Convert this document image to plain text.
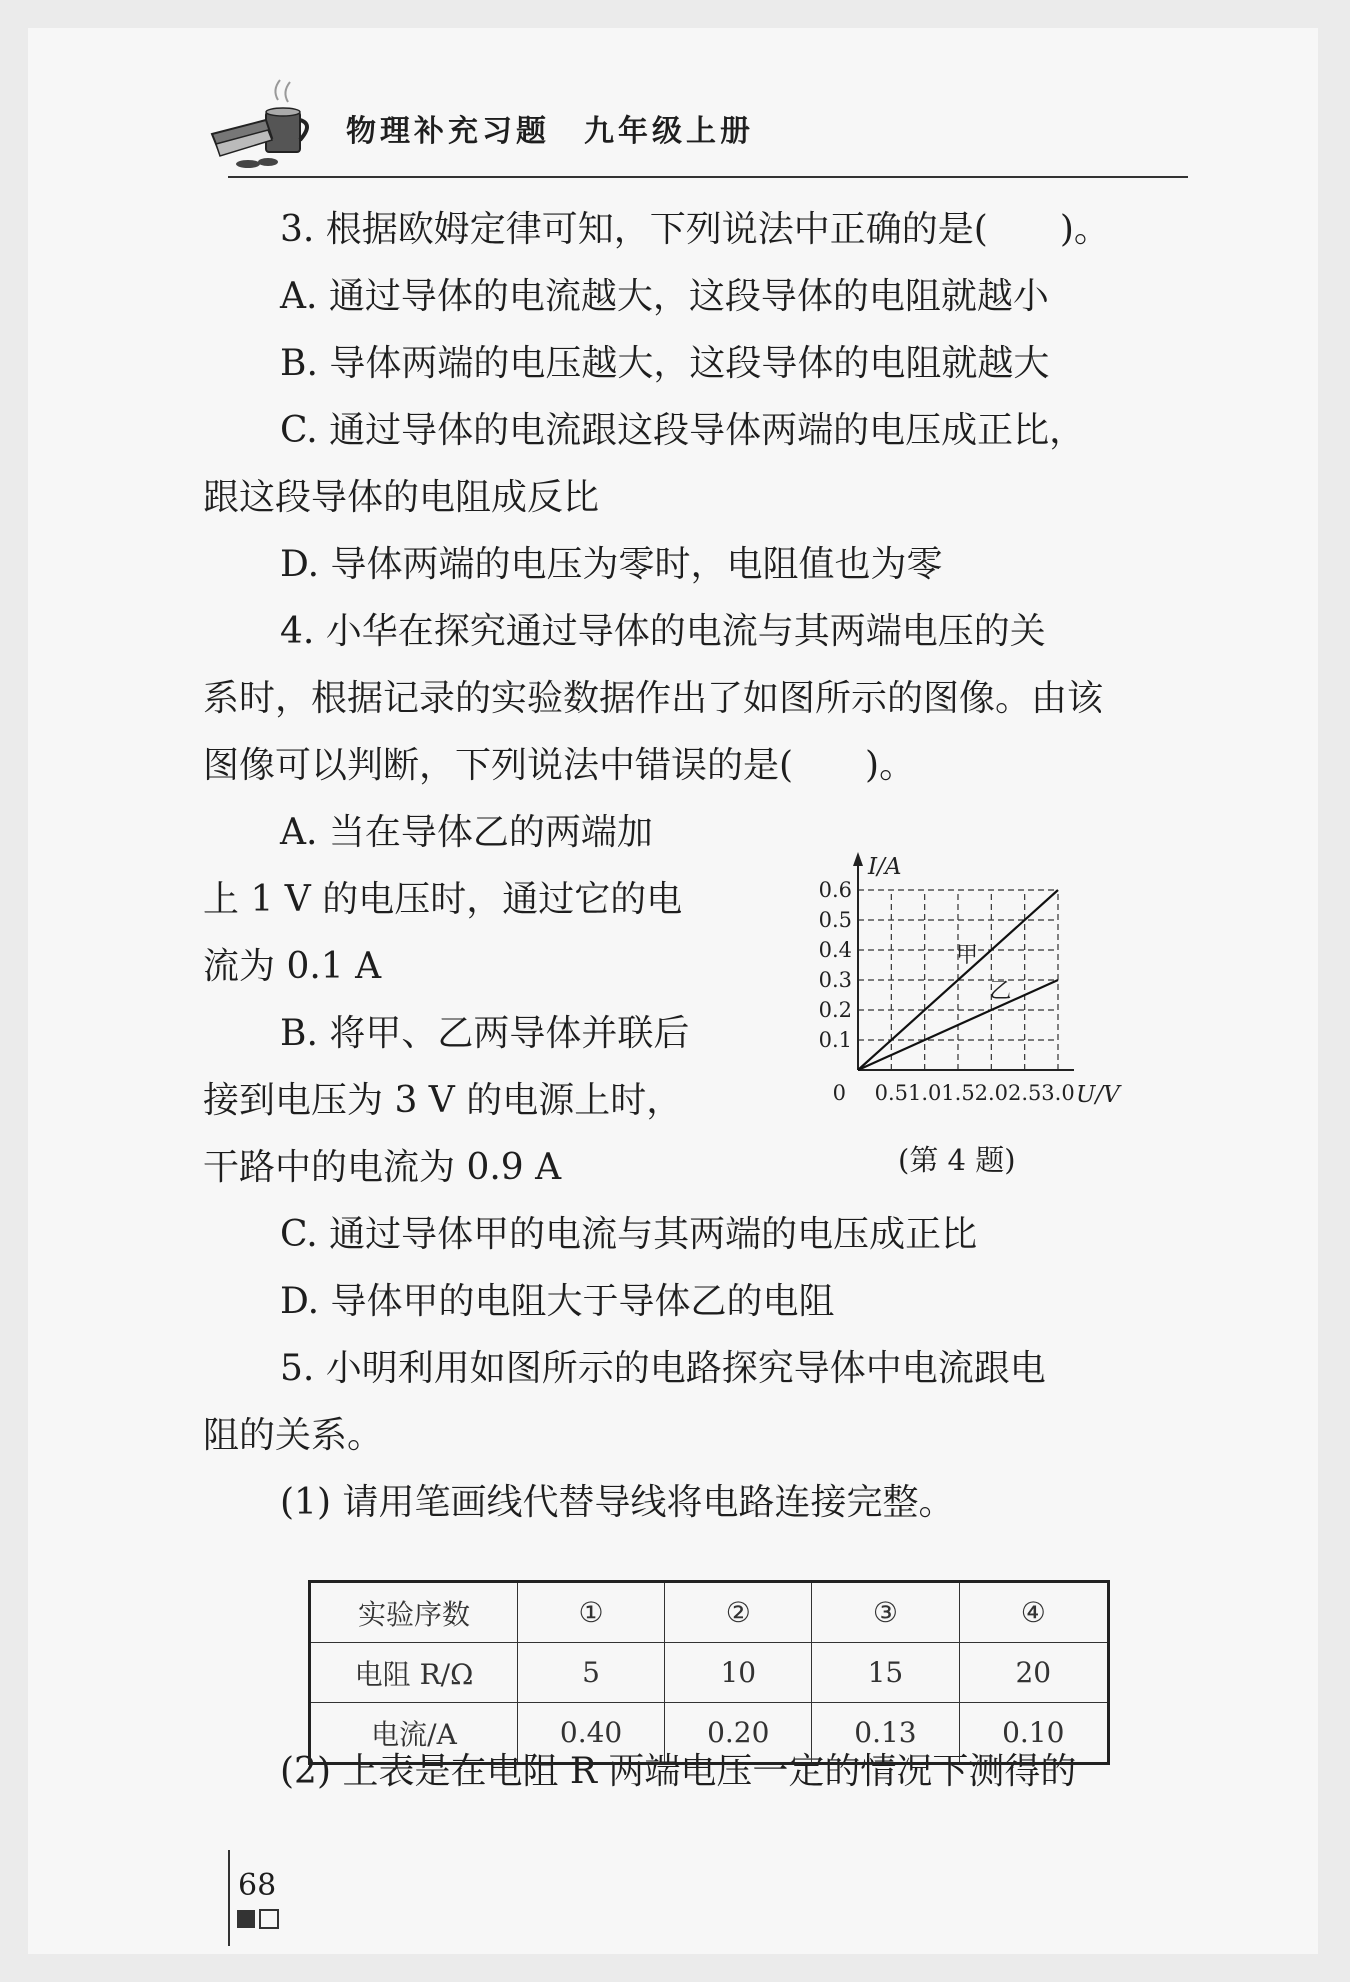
物理补充习题　九年级上册
3. 根据欧姆定律可知，下列说法中正确的是(　　)。
A. 通过导体的电流越大，这段导体的电阻就越小
B. 导体两端的电压越大，这段导体的电阻就越大
C. 通过导体的电流跟这段导体两端的电压成正比，
跟这段导体的电阻成反比
D. 导体两端的电压为零时，电阻值也为零
4. 小华在探究通过导体的电流与其两端电压的关
系时，根据记录的实验数据作出了如图所示的图像。由该
图像可以判断，下列说法中错误的是(　　)。
A. 当在导体乙的两端加
上 1 V 的电压时，通过它的电
流为 0.1 A
B. 将甲、乙两导体并联后
接到电压为 3 V 的电源上时，
干路中的电流为 0.9 A
C. 通过导体甲的电流与其两端的电压成正比
D. 导体甲的电阻大于导体乙的电阻
5. 小明利用如图所示的电路探究导体中电流跟电
阻的关系。
(1) 请用笔画线代替导线将电路连接完整。
(2) 上表是在电阻 R 两端电压一定的情况下测得的
0.5 1.0 1.5 2.0 2.5 3.0
0.1
0.2
0.3
0.4
0.5
0.6
0
I/A
U/V
甲
乙
(第 4 题)
实验序数	①	②	③	④
电阻 R/Ω	5	10	15	20
电流/A	0.40	0.20	0.13	0.10
68
